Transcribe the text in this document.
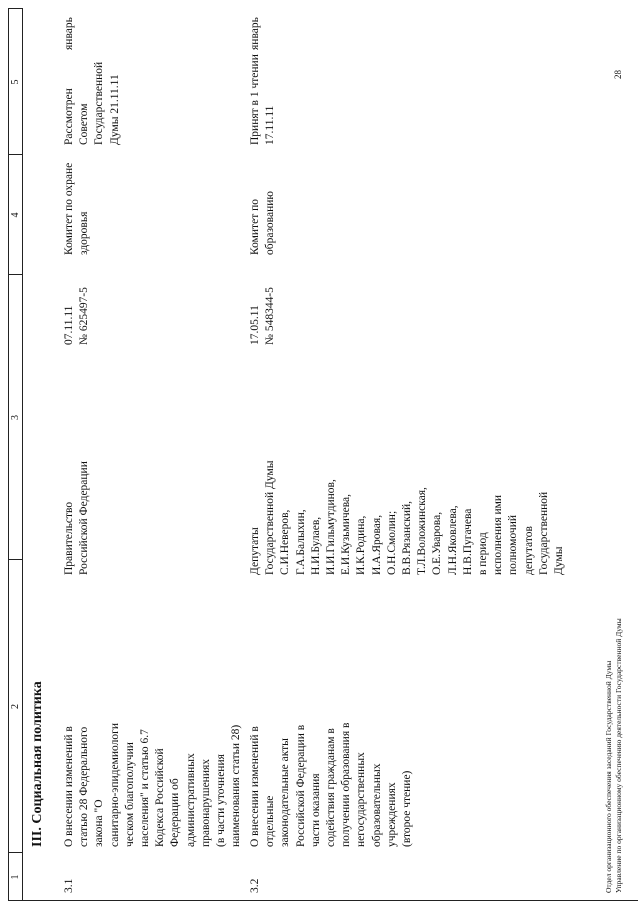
1
2
3
4
5
III. Социальная политика	Отдел организационного обеспечения заседаний Государственной Думы Управление по организационному обеспечению деятельности Государственной Думы
28
3.1
О внесении изменений в
статью 28 Федерального
закона "О
санитарно-эпидемиологи
ческом благополучии
населения" и статью 6.7
Кодекса Российской
Федерации об
административных
правонарушениях
(в части уточнения
наименования статьи 28)
Правительство
Российской Федерации
07.11.11
№ 625497-5
Комитет по охране
здоровья
Рассмотрен
Советом
Государственной
Думы 21.11.11
январь
3.2
О внесении изменений в
отдельные
законодательные акты
Российской Федерации в
части оказания
содействия гражданам в
получении образования в
негосударственных
образовательных
учреждениях
(второе чтение)
Депутаты
Государственной Думы
С.И.Неверов,
Г.А.Балыхин,
Н.И.Булаев,
И.И.Гильмутдинов,
Е.И.Кузьмичева,
И.К.Родина,
И.А.Яровая,
О.Н.Смолин;
В.В.Рязанский,
Т.Л.Воложинская,
О.Е.Уварова,
Л.Н.Яковлева,
Н.В.Пугачева
в период
исполнения ими
полномочий
депутатов
Государственной
Думы
17.05.11
№ 548344-5
Комитет по
образованию
Принят в 1 чтении
17.11.11
январь
